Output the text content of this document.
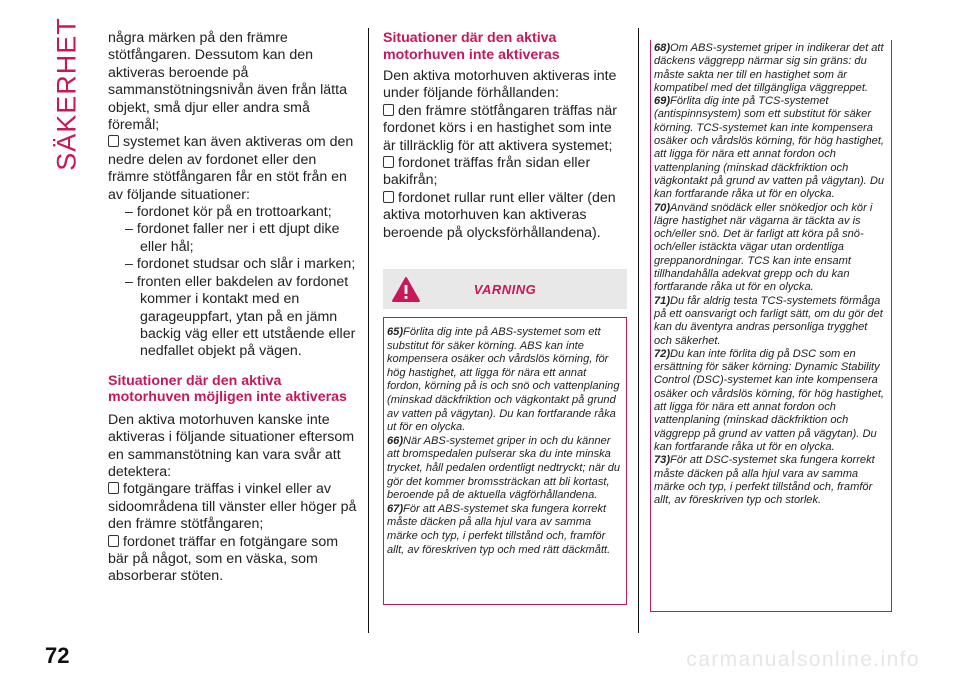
SÄKERHET några märken på den främre stötfångaren. Dessutom kan den aktiveras beroende på sammanstötningsnivån även från lätta objekt, små djur eller andra små föremål;

systemet kan även aktiveras om den nedre delen av fordonet eller den främre stötfångaren får en stöt från en av följande situationer:

– fordonet kör på en trottoarkant;

– fordonet faller ner i ett djupt dike eller hål;

– fordonet studsar och slår i marken;

– fronten eller bakdelen av fordonet kommer i kontakt med en garageuppfart, ytan på en jämn backig väg eller ett utstående eller nedfallet objekt på vägen.

Situationer där den aktiva motorhuven möjligen inte aktiveras

Den aktiva motorhuven kanske inte aktiveras i följande situationer eftersom en sammanstötning kan vara svår att detektera:

fotgängare träffas i vinkel eller av sidoområdena till vänster eller höger på den främre stötfångaren;

fordonet träffar en fotgängare som bär på något, som en väska, som absorberar stöten.

Situationer där den aktiva motorhuven inte aktiveras

Den aktiva motorhuven aktiveras inte under följande förhållanden:

den främre stötfångaren träffas när fordonet körs i en hastighet som inte är tillräcklig för att aktivera systemet;

fordonet träffas från sidan eller bakifrån;

fordonet rullar runt eller välter (den aktiva motorhuven kan aktiveras beroende på olycksförhållandena).

VARNING

65)Förlita dig inte på ABS-systemet som ett substitut för säker körning. ABS kan inte kompensera osäker och vårdslös körning, för hög hastighet, att ligga för nära ett annat fordon, körning på is och snö och vattenplaning (minskad däckfriktion och vägkontakt på grund av vatten på vägytan). Du kan fortfarande råka ut för en olycka.

66)När ABS-systemet griper in och du känner att bromspedalen pulserar ska du inte minska trycket, håll pedalen ordentligt nedtryckt; när du gör det kommer bromssträckan att bli kortast, beroende på de aktuella vägförhållandena.

67)För att ABS-systemet ska fungera korrekt måste däcken på alla hjul vara av samma märke och typ, i perfekt tillstånd och, framför allt, av föreskriven typ och med rätt däckmått.

68)Om ABS-systemet griper in indikerar det att däckens väggrepp närmar sig sin gräns: du måste sakta ner till en hastighet som är kompatibel med det tillgängliga väggreppet.

69)Förlita dig inte på TCS-systemet (antispinnsystem) som ett substitut för säker körning. TCS-systemet kan inte kompensera osäker och vårdslös körning, för hög hastighet, att ligga för nära ett annat fordon och vattenplaning (minskad däckfriktion och vägkontakt på grund av vatten på vägytan). Du kan fortfarande råka ut för en olycka.

70)Använd snödäck eller snökedjor och kör i lägre hastighet när vägarna är täckta av is och/eller snö. Det är farligt att köra på snö- och/eller istäckta vägar utan ordentliga greppanordningar. TCS kan inte ensamt tillhandahålla adekvat grepp och du kan fortfarande råka ut för en olycka.

71)Du får aldrig testa TCS-systemets förmåga på ett oansvarigt och farligt sätt, om du gör det kan du äventyra andras personliga trygghet och säkerhet.

72)Du kan inte förlita dig på DSC som en ersättning för säker körning: Dynamic Stability Control (DSC)-systemet kan inte kompensera osäker och vårdslös körning, för hög hastighet, att ligga för nära ett annat fordon och vattenplaning (minskad däckfriktion och väggrepp på grund av vatten på vägytan). Du kan fortfarande råka ut för en olycka.

73)För att DSC-systemet ska fungera korrekt måste däcken på alla hjul vara av samma märke och typ, i perfekt tillstånd och, framför allt, av föreskriven typ och storlek.

72	carmanualsonline.info
